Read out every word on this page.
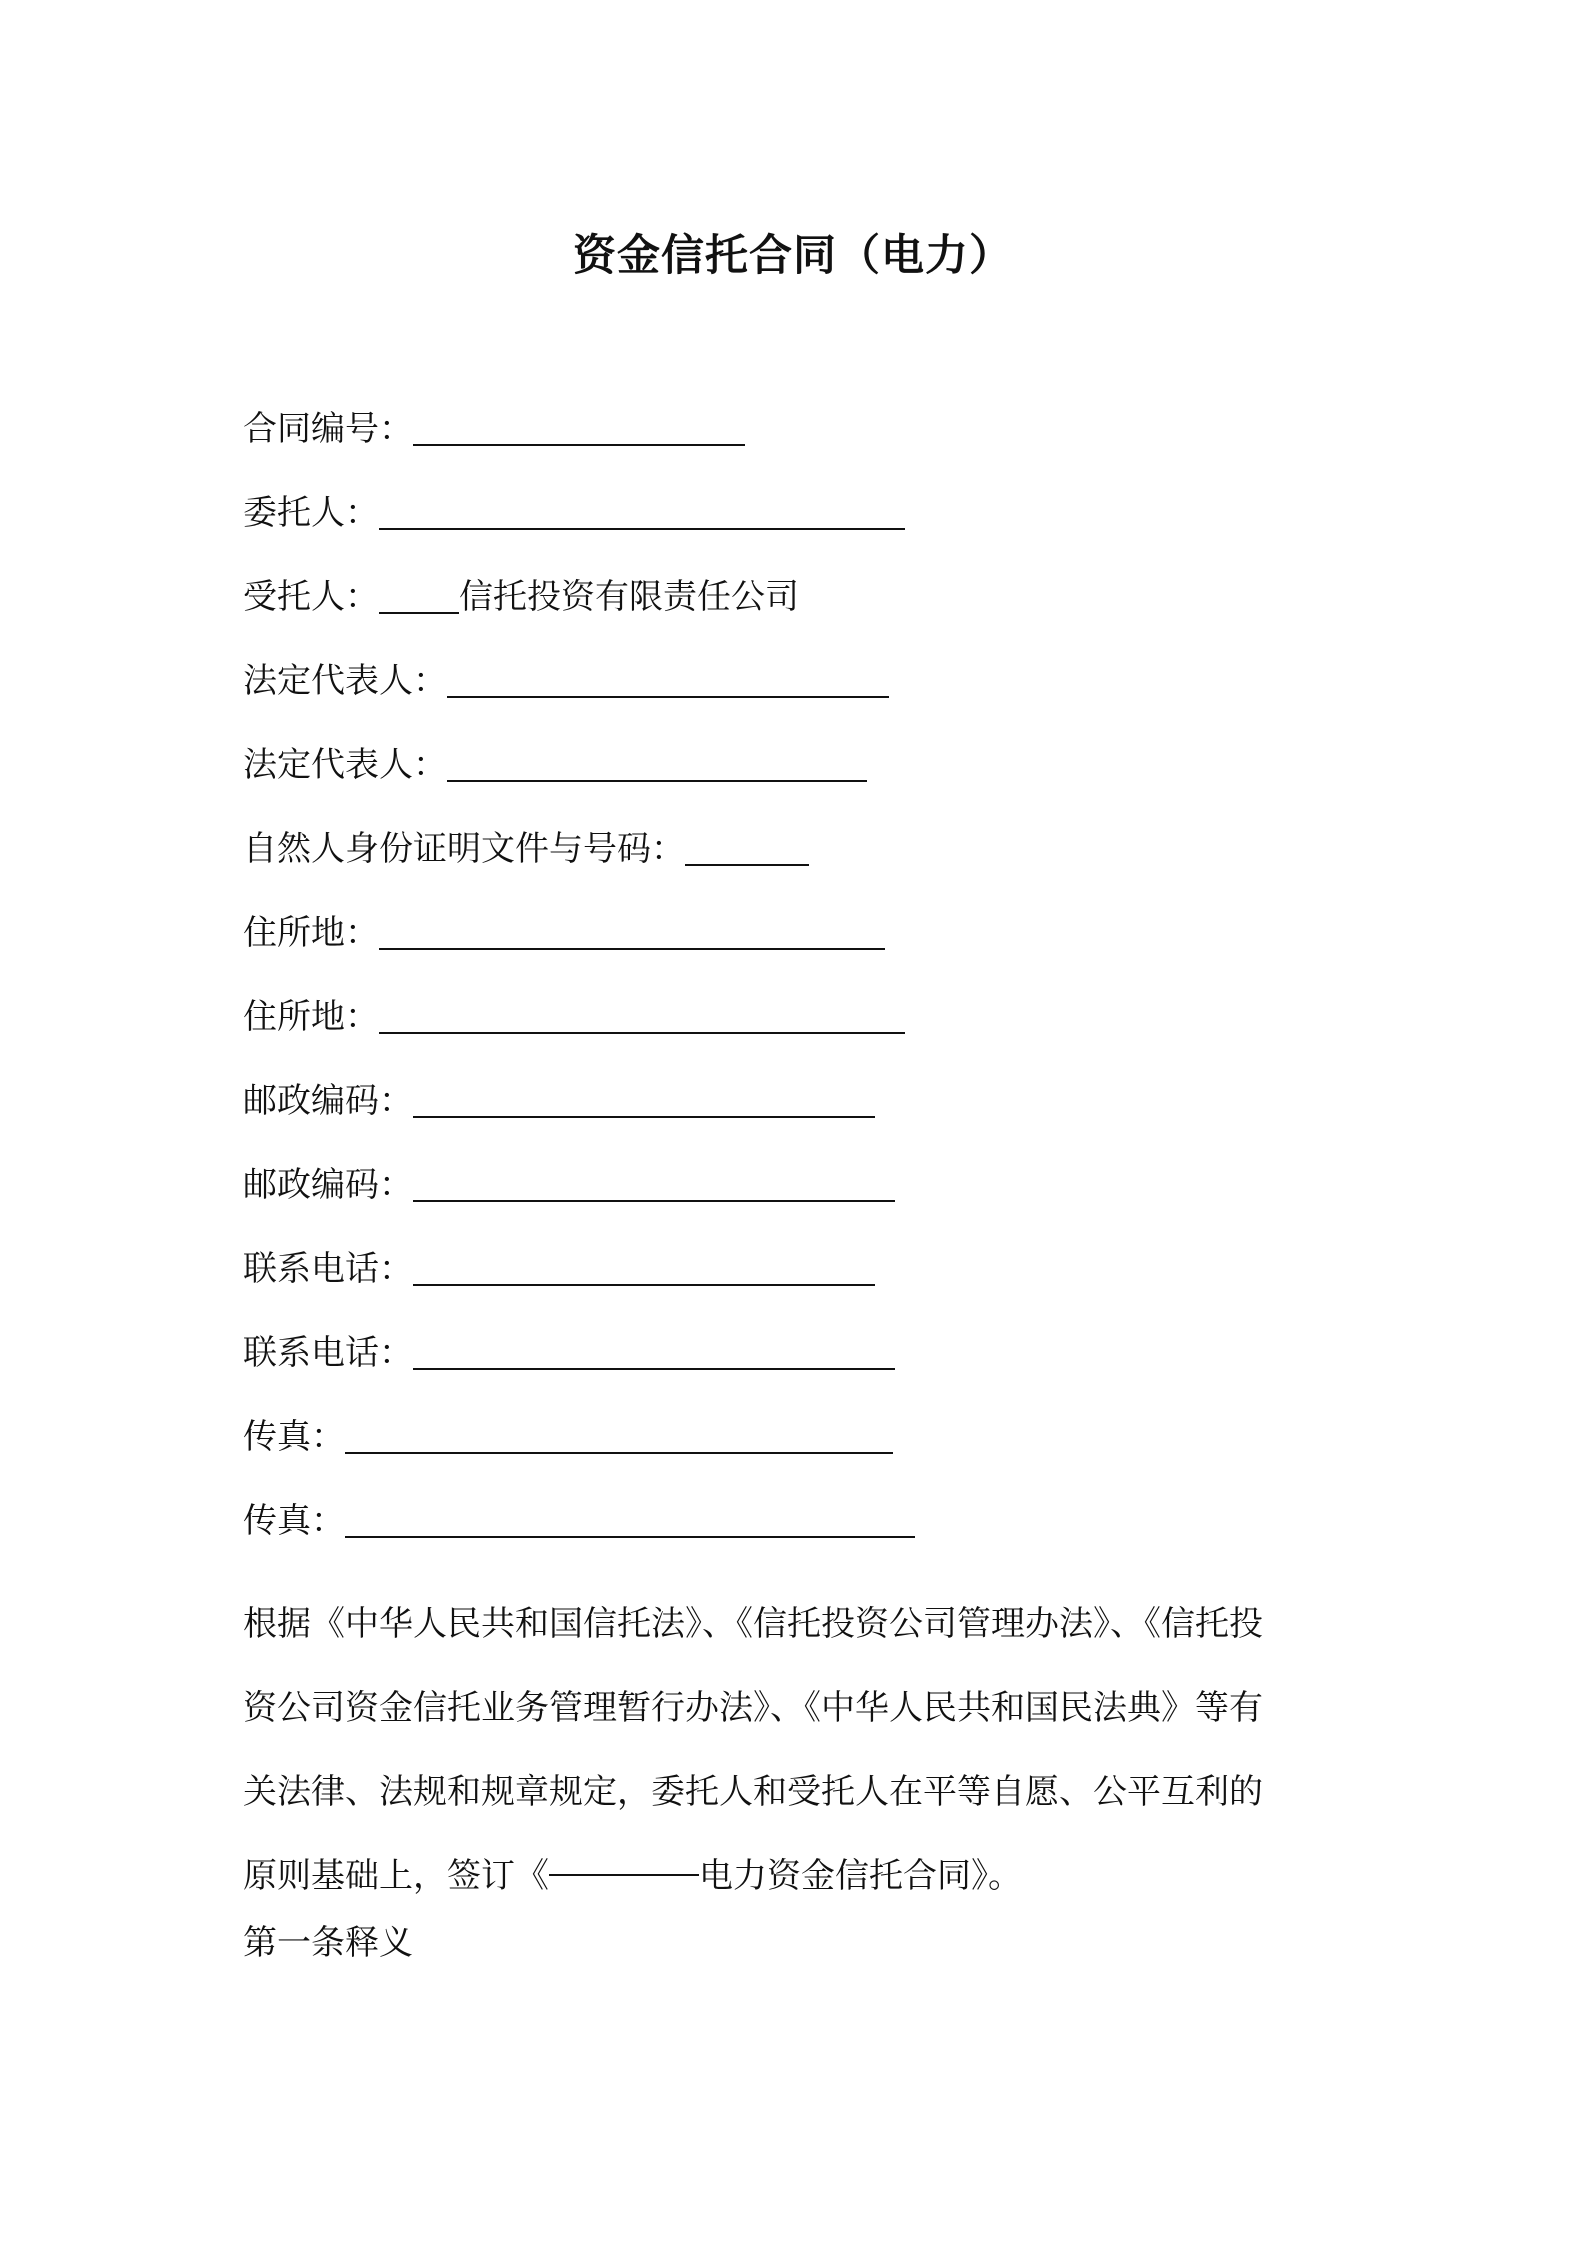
资金信托合同（电力）
合同编号：
委托人：
受托人： 信托投资有限责任公司
法定代表人：
法定代表人：
自然人身份证明文件与号码：
住所地：
住所地：
邮政编码：
邮政编码：
联系电话：
联系电话：
传真：
传真：
根据《中华人民共和国信托法》、《信托投资公司管理办法》、《信托投
资公司资金信托业务管理暂行办法》、《中华人民共和国民法典》等有
关法律、法规和规章规定，委托人和受托人在平等自愿、公平互利的
原则基础上，签订《	电力资金信托合同》。
第一条释义
